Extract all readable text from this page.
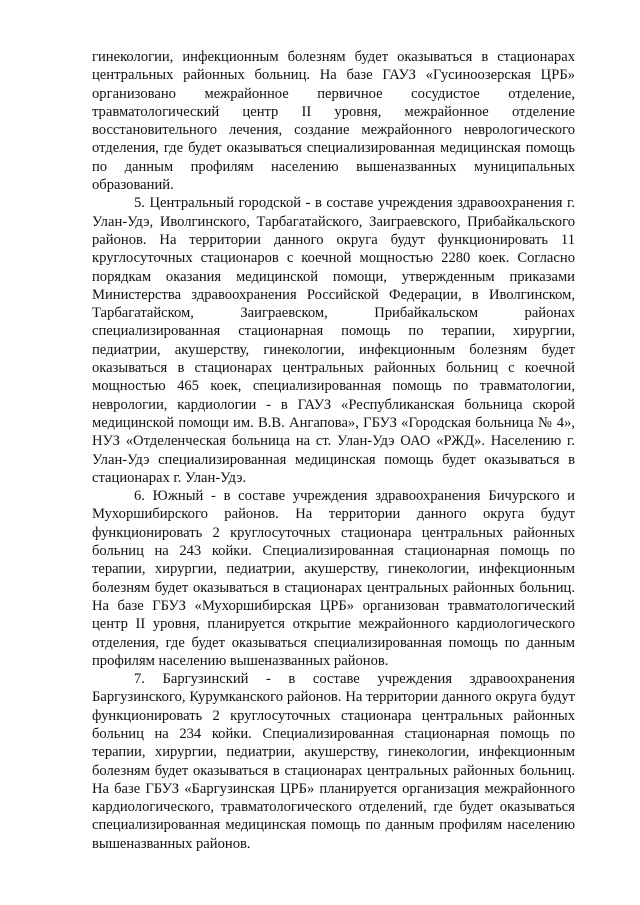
гинекологии, инфекционным болезням будет оказываться в стационарах центральных районных больниц. На базе ГАУЗ «Гусиноозерская ЦРБ» организовано межрайонное первичное сосудистое отделение, травматологический центр II уровня, межрайонное отделение восстановительного лечения, создание межрайонного неврологического отделения, где будет оказываться специализированная медицинская помощь по данным профилям населению вышеназванных муниципальных образований.

5. Центральный городской - в составе учреждения здравоохранения г. Улан-Удэ, Иволгинского, Тарбагатайского, Заиграевского, Прибайкальского районов. На территории данного округа будут функционировать 11 круглосуточных стационаров с коечной мощностью 2280 коек. Согласно порядкам оказания медицинской помощи, утвержденным приказами Министерства здравоохранения Российской Федерации, в Иволгинском, Тарбагатайском, Заиграевском, Прибайкальском районах специализированная стационарная помощь по терапии, хирургии, педиатрии, акушерству, гинекологии, инфекционным болезням будет оказываться в стационарах центральных районных больниц с коечной мощностью 465 коек, специализированная помощь по травматологии, неврологии, кардиологии - в ГАУЗ «Республиканская больница скорой медицинской помощи им. В.В. Ангапова», ГБУЗ «Городская больница № 4», НУЗ «Отделенческая больница на ст. Улан-Удэ ОАО «РЖД». Населению г. Улан-Удэ специализированная медицинская помощь будет оказываться в стационарах г. Улан-Удэ.

6. Южный - в составе учреждения здравоохранения Бичурского и Мухоршибирского районов. На территории данного округа будут функционировать 2 круглосуточных стационара центральных районных больниц на 243 койки. Специализированная стационарная помощь по терапии, хирургии, педиатрии, акушерству, гинекологии, инфекционным болезням будет оказываться в стационарах центральных районных больниц. На базе ГБУЗ «Мухоршибирская ЦРБ» организован травматологический центр II уровня, планируется открытие межрайонного кардиологического отделения, где будет оказываться специализированная помощь по данным профилям населению вышеназванных районов.

7. Баргузинский - в составе учреждения здравоохранения Баргузинского, Курумканского районов. На территории данного округа будут функционировать 2 круглосуточных стационара центральных районных больниц на 234 койки. Специализированная стационарная помощь по терапии, хирургии, педиатрии, акушерству, гинекологии, инфекционным болезням будет оказываться в стационарах центральных районных больниц. На базе ГБУЗ «Баргузинская ЦРБ» планируется организация межрайонного кардиологического, травматологического отделений, где будет оказываться специализированная медицинская помощь по данным профилям населению вышеназванных районов.
